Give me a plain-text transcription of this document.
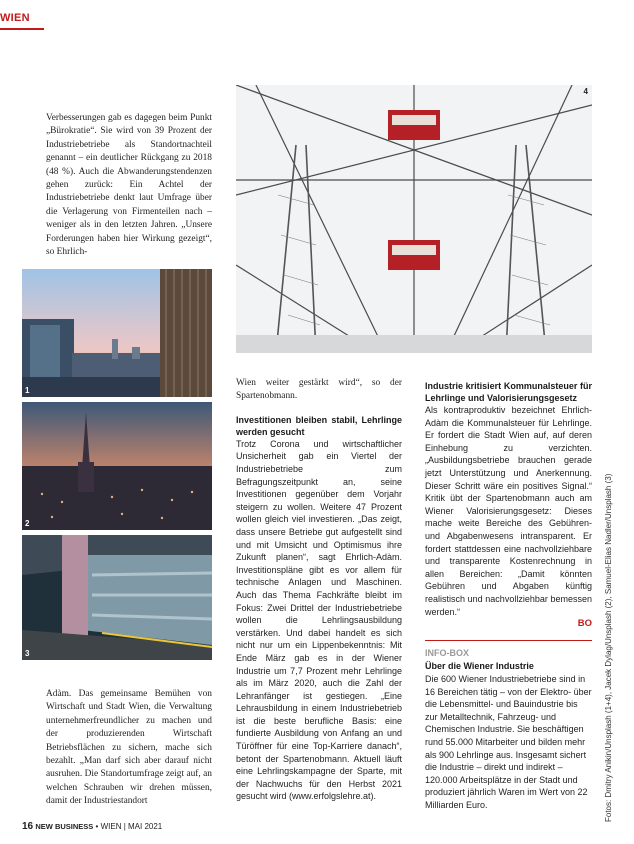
WIEN

Verbesserungen gab es dagegen beim Punkt „Bürokratie“. Sie wird von 39 Prozent der Industriebetriebe als Standortnachteil genannt – ein deutlicher Rückgang zu 2018 (48 %). Auch die Abwanderungstendenzen gehen zurück: Ein Achtel der Industriebetriebe denkt laut Umfrage über die Verlagerung von Firmenteilen nach – weniger als in den letzten Jahren. „Unsere Forderungen haben hier Wirkung gezeigt“, so Ehrlich-

1
2
3

Adàm. Das gemeinsame Bemühen von Wirtschaft und Stadt Wien, die Verwaltung unternehmerfreundlicher zu machen und der produzierenden Wirtschaft Betriebsflächen zu sichern, mache sich bezahlt. „Man darf sich aber darauf nicht ausruhen. Die Standortumfrage zeigt auf, an welchen Schrauben wir drehen müssen, damit der Industriestandort

4

Wien weiter gestärkt wird“, so der Spartenobmann.

Investitionen bleiben stabil, Lehrlinge werden gesucht

Trotz Corona und wirtschaftlicher Unsicherheit gab ein Viertel der Industriebetriebe zum Befragungszeitpunkt an, seine Investitionen gegenüber dem Vorjahr steigern zu wollen. Weitere 47 Prozent wollen gleich viel investieren. „Das zeigt, dass unsere Betriebe gut aufgestellt sind und mit Umsicht und Optimismus ihre Zukunft planen“, sagt Ehrlich-Adàm. Investitionspläne gibt es vor allem für technische Anlagen und Maschinen. Auch das Thema Fachkräfte bleibt im Fokus: Zwei Drittel der Industriebetriebe wollen die Lehrlingsausbildung verstärken. Und dabei handelt es sich nicht nur um ein Lippenbekenntnis: Mit Ende März gab es in der Wiener Industrie um 7,7 Prozent mehr Lehrlinge als im März 2020, auch die Zahl der Lehranfänger ist gestiegen. „Eine Lehrausbildung in einem Industriebetrieb ist die beste berufliche Basis: eine fundierte Ausbildung von Anfang an und Türöffner für eine Top-Karriere danach“, betont der Spartenobmann. Aktuell läuft eine Lehrlingskampagne der Sparte, mit der Nachwuchs für den Herbst 2021 gesucht wird (www.erfolgslehre.at).

Industrie kritisiert Kommunalsteuer für Lehrlinge und Valorisierungsgesetz

Als kontraproduktiv bezeichnet Ehrlich-Adàm die Kommunalsteuer für Lehrlinge. Er fordert die Stadt Wien auf, auf deren Einhebung zu verzichten. „Ausbildungsbetriebe brauchen gerade jetzt Unterstützung und Anerkennung. Dieser Schritt wäre ein positives Signal.“ Kritik übt der Spartenobmann auch am Wiener Valorisierungsgesetz: Dieses mache weite Bereiche des Gebühren- und Abgabenwesens intransparent. Er fordert stattdessen eine nachvollziehbare und transparente Kostenrechnung in allen Bereichen: „Damit könnten Gebühren und Abgaben künftig realistisch und nachvollziehbar bemessen werden.“

BO
INFO-BOX
Über die Wiener Industrie
Die 600 Wiener Industriebetriebe sind in 16 Bereichen tätig – von der Elektro- über die Lebensmittel- und Bauindustrie bis zur Metalltechnik, Fahrzeug- und Chemischen Industrie. Sie beschäftigen rund 55.000 Mitarbeiter und bilden mehr als 900 Lehrlinge aus. Insgesamt sichert die Industrie – direkt und indirekt – 120.000 Arbeitsplätze in der Stadt und produziert jährlich Waren im Wert von 22 Milliarden Euro.	Fotos: Dmitry Anikin/Unsplash (1+4), Jacek Dylag/Unsplash (2), Samuel-Elias Nadler/Unsplash (3)
16 NEW BUSINESS • WIEN | MAI 2021
